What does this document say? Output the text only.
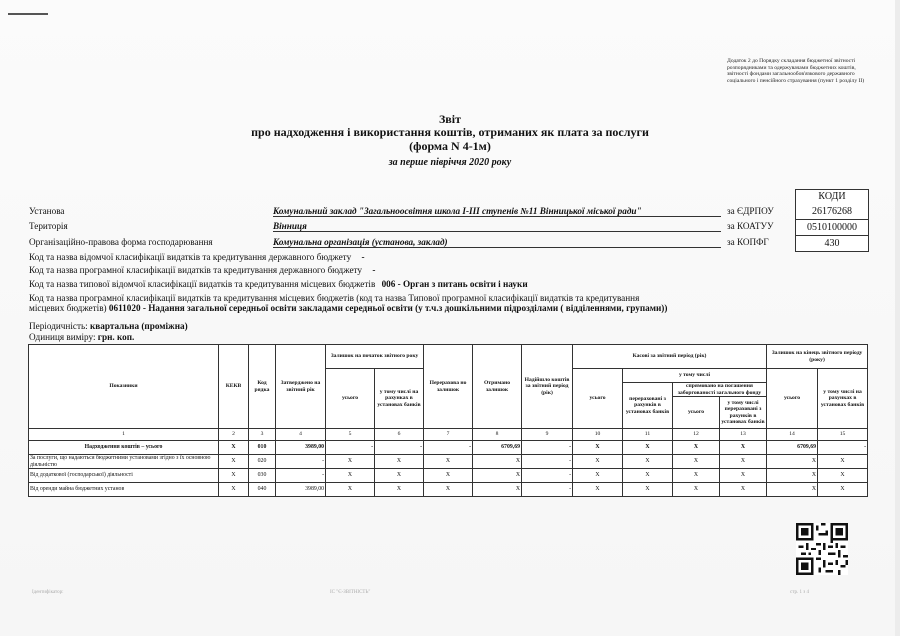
Додаток 2 до Порядку складання бюджетної звітності розпорядниками та одержувачами бюджетних коштів, звітності фондами загальнообов'язкового державного соціального і пенсійного страхування (пункт 1 розділу II)
Звіт
про надходження і використання коштів, отриманих як плата за послуги
(форма N 4-1м)
за перше півріччя 2020 року
КОДИ
26176268
0510100000
430
Установа	Комунальний заклад "Загальноосвітня школа І-ІІІ ступенів №11 Вінницької міської ради"	за ЄДРПОУ
Територія	Вінниця	за КОАТУУ
Організаційно-правова форма господарювання	Комунальна організація (установа, заклад)	за КОПФГ
Код та назва відомчої класифікації видатків та кредитування державного бюджету -
Код та назва програмної класифікації видатків та кредитування державного бюджету -
Код та назва типової відомчої класифікації видатків та кредитування місцевих бюджетів 006 - Орган з питань освіти і науки
Код та назва програмної класифікації видатків та кредитування місцевих бюджетів (код та назва Типової програмної класифікації видатків та кредитування
місцевих бюджетів) 0611020 - Надання загальної середньої освіти закладами середньої освіти (у т.ч.з дошкільними підрозділами ( відділеннями, групами))
Періодичність: квартальна (проміжна)
Одиниця виміру: грн. коп.
Показники	КЕКВ	Код рядка	Затверджено на звітний рік	Залишок на початок звітного року		Перерахова но залишок	Отримано залишок	Надійшло коштів за звітний період (рік)	Касові за звітний період (рік)				Залишок на кінець звітного періоду (року)	
				усього	у тому числі на рахунках в установах банків				усього	у тому числі			усього	у тому числі на рахунках в установах банків
										перераховані з рахунків в установах банків	спрямовано на погашення заборгованості загального фонду			
											усього	у тому числі перераховані з рахунків в установах банків		
1	2	3	4	5	6	7	8	9	10	11	12	13	14	15
Надходження коштів – усього	Х	010	3989,00	-	-	-	6709,69	-	Х	Х	Х	Х	6709,69	-
За послуги, що надаються бюджетними установами згідно з їх основною діяльністю	Х	020	-	Х	Х	Х	Х	-	Х	Х	Х	Х	Х	Х
Від додаткової (господарської) діяльності	Х	030	-	Х	Х	Х	Х	-	Х	Х	Х	Х	Х	Х
Від оренди майна бюджетних установ	Х	040	3989,00	Х	Х	Х	Х	-	Х	Х	Х	Х	Х	Х
Ідентифікатор:	ІС "Є-ЗВІТНІСТЬ"	стр. 1 з 4
